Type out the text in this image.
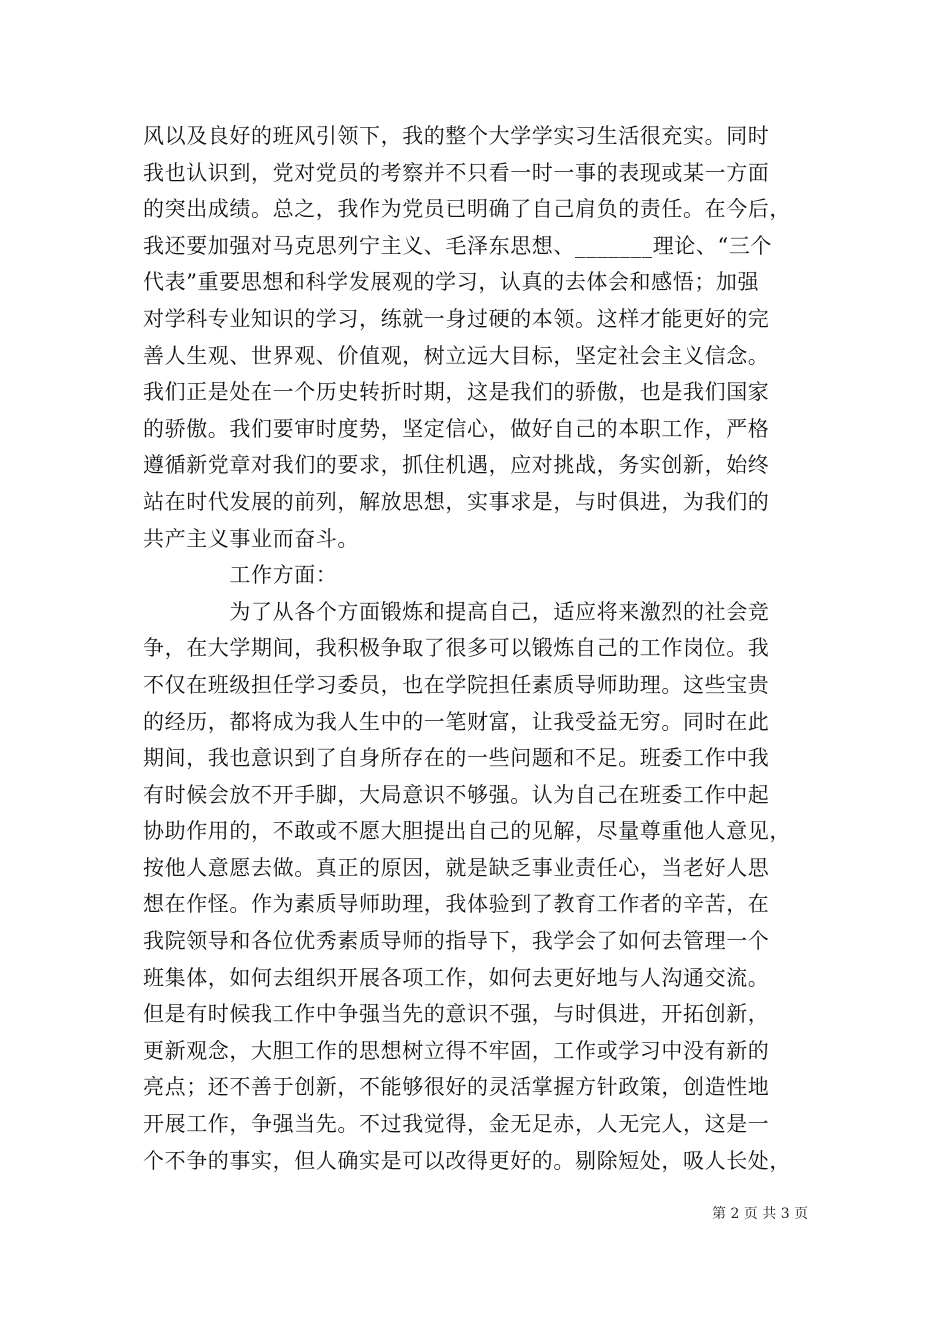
风以及良好的班风引领下，我的整个大学学实习生活很充实。同时
我也认识到，党对党员的考察并不只看一时一事的表现或某一方面
的突出成绩。总之，我作为党员已明确了自己肩负的责任。在今后，
我还要加强对马克思列宁主义、毛泽东思想、_______理论、“三个
代表”重要思想和科学发展观的学习，认真的去体会和感悟；加强
对学科专业知识的学习，练就一身过硬的本领。这样才能更好的完
善人生观、世界观、价值观，树立远大目标，坚定社会主义信念。
我们正是处在一个历史转折时期，这是我们的骄傲，也是我们国家
的骄傲。我们要审时度势，坚定信心，做好自己的本职工作，严格
遵循新党章对我们的要求，抓住机遇，应对挑战，务实创新，始终
站在时代发展的前列，解放思想，实事求是，与时俱进，为我们的
共产主义事业而奋斗。
　　　　工作方面：
　　　　为了从各个方面锻炼和提高自己，适应将来激烈的社会竞
争，在大学期间，我积极争取了很多可以锻炼自己的工作岗位。我
不仅在班级担任学习委员，也在学院担任素质导师助理。这些宝贵
的经历，都将成为我人生中的一笔财富，让我受益无穷。同时在此
期间，我也意识到了自身所存在的一些问题和不足。班委工作中我
有时候会放不开手脚，大局意识不够强。认为自己在班委工作中起
协助作用的，不敢或不愿大胆提出自己的见解，尽量尊重他人意见，
按他人意愿去做。真正的原因，就是缺乏事业责任心，当老好人思
想在作怪。作为素质导师助理，我体验到了教育工作者的辛苦，在
我院领导和各位优秀素质导师的指导下，我学会了如何去管理一个
班集体，如何去组织开展各项工作，如何去更好地与人沟通交流。
但是有时候我工作中争强当先的意识不强，与时俱进，开拓创新，
更新观念，大胆工作的思想树立得不牢固，工作或学习中没有新的
亮点；还不善于创新，不能够很好的灵活掌握方针政策，创造性地
开展工作，争强当先。不过我觉得，金无足赤，人无完人，这是一
个不争的事实，但人确实是可以改得更好的。剔除短处，吸人长处，
第 2 页 共 3 页
